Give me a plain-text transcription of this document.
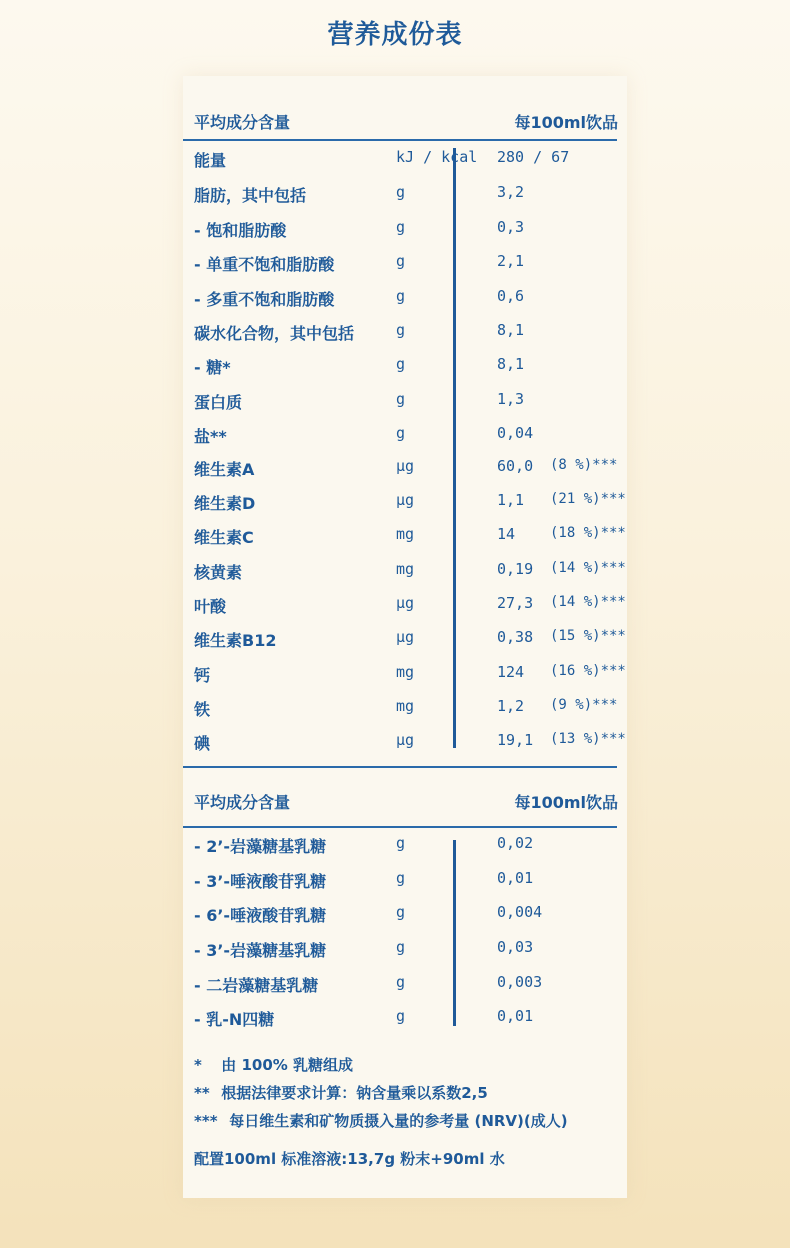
营养成份表
平均成分含量	每100ml饮品
能量	kJ / kcal 280 / 67
脂肪，其中包括	g	3,2
- 饱和脂肪酸	g	0,3
- 单重不饱和脂肪酸	g	2,1
- 多重不饱和脂肪酸	g	0,6
碳水化合物，其中包括	g	8,1
- 糖*	g	8,1
蛋白质	g	1,3
盐**	g	0,04
维生素A	µg	60,0 (8 %)***
维生素D	µg	1,1 (21 %)***
维生素C	mg	14 (18 %)***
核黄素	mg	0,19 (14 %)***
叶酸	µg	27,3 (14 %)***
维生素B12	µg	0,38 (15 %)***
钙	mg	124 (16 %)***
铁	mg	1,2 (9 %)***
碘	µg	19,1 (13 %)***
平均成分含量	每100ml饮品
- 2’-岩藻糖基乳糖	g	0,02
- 3’-唾液酸苷乳糖	g	0,01
- 6’-唾液酸苷乳糖	g	0,004
- 3’-岩藻糖基乳糖	g	0,03
- 二岩藻糖基乳糖	g	0,003
- 乳-N四糖	g	0,01
* 由 100% 乳糖组成
** 根据法律要求计算：钠含量乘以系数2,5
*** 每日维生素和矿物质摄入量的参考量 (NRV)(成人)
配置100ml 标准溶液:13,7g 粉末+90ml 水
